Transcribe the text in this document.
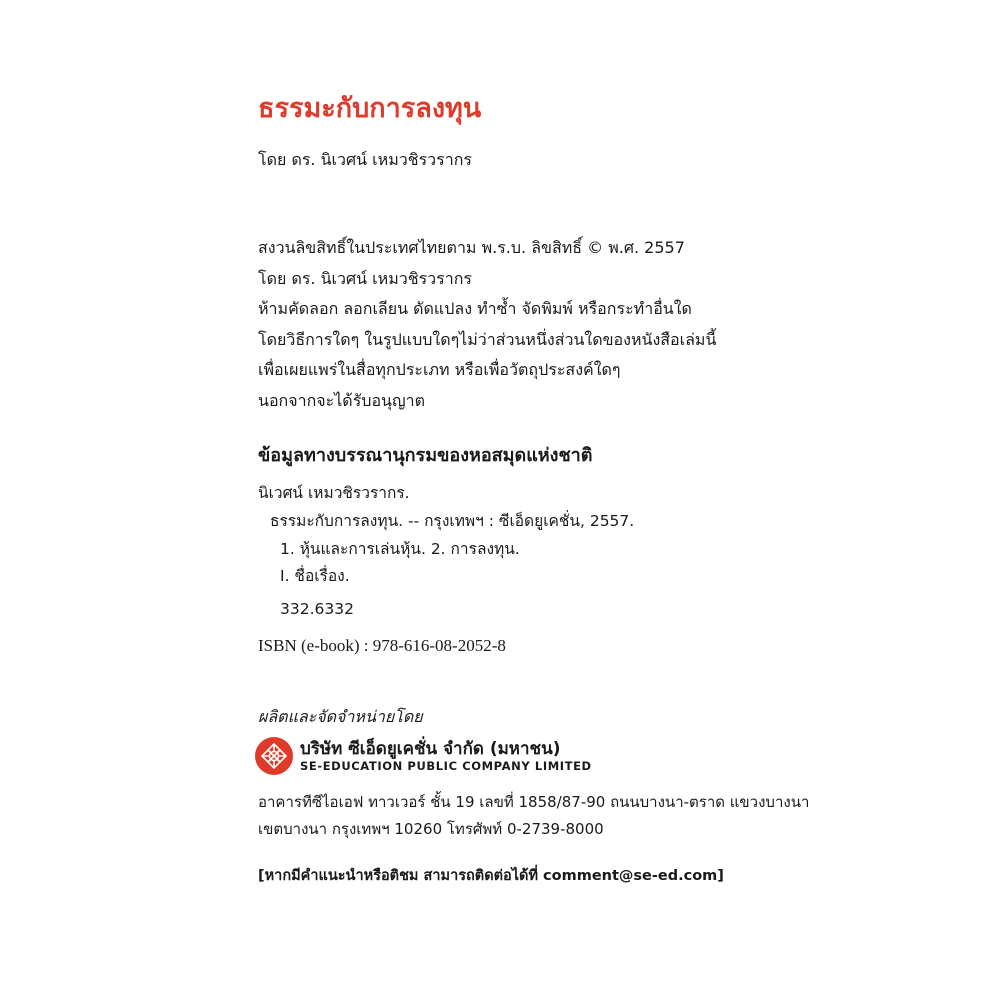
ธรรมะกับการลงทุน
โดย ดร. นิเวศน์ เหมวชิรวรากร
สงวนลิขสิทธิ์ในประเทศไทยตาม พ.ร.บ. ลิขสิทธิ์ © พ.ศ. 2557
โดย ดร. นิเวศน์ เหมวชิรวรากร
ห้ามคัดลอก ลอกเลียน ดัดแปลง ทำซ้ำ จัดพิมพ์ หรือกระทำอื่นใด
โดยวิธีการใดๆ ในรูปแบบใดๆไม่ว่าส่วนหนึ่งส่วนใดของหนังสือเล่มนี้
เพื่อเผยแพร่ในสื่อทุกประเภท หรือเพื่อวัตถุประสงค์ใดๆ
นอกจากจะได้รับอนุญาต
ข้อมูลทางบรรณานุกรมของหอสมุดแห่งชาติ
นิเวศน์ เหมวชิรวรากร.
ธรรมะกับการลงทุน. -- กรุงเทพฯ : ซีเอ็ดยูเคชั่น, 2557.
1. หุ้นและการเล่นหุ้น. 2. การลงทุน.
I. ชื่อเรื่อง.
332.6332
ISBN (e-book) : 978-616-08-2052-8
ผลิตและจัดจำหน่ายโดย
บริษัท ซีเอ็ดยูเคชั่น จำกัด (มหาชน)
SE-EDUCATION PUBLIC COMPANY LIMITED
อาคารทีซีไอเอฟ ทาวเวอร์ ชั้น 19 เลขที่ 1858/87-90 ถนนบางนา-ตราด แขวงบางนา
เขตบางนา กรุงเทพฯ 10260 โทรศัพท์ 0-2739-8000
[หากมีคำแนะนำหรือติชม สามารถติดต่อได้ที่ comment@se-ed.com]
